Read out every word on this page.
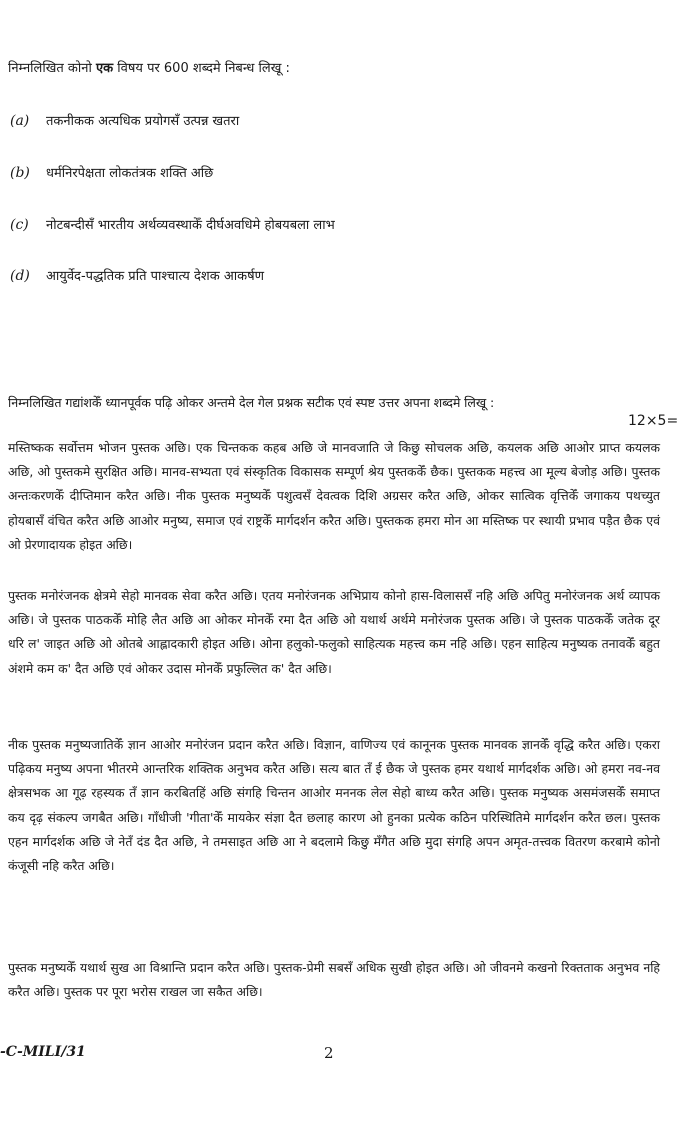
निम्नलिखित कोनो एक विषय पर 600 शब्दमे निबन्ध लिखू :
(a) तकनीकक अत्यधिक प्रयोगसँ उत्पन्न खतरा
(b) धर्मनिरपेक्षता लोकतंत्रक शक्ति अछि
(c) नोटबन्दीसँ भारतीय अर्थव्यवस्थाकेँ दीर्घअवधिमे होबयबला लाभ
(d) आयुर्वेद-पद्धतिक प्रति पाश्चात्य देशक आकर्षण
निम्नलिखित गद्यांशकेँ ध्यानपूर्वक पढ़ि ओकर अन्तमे देल गेल प्रश्नक सटीक एवं स्पष्ट उत्तर अपना शब्दमे लिखू :
12×5=

मस्तिष्कक सर्वोत्तम भोजन पुस्तक अछि। एक चिन्तकक कहब अछि जे मानवजाति जे किछु सोचलक अछि, कयलक अछि आओर प्राप्त कयलक अछि, ओ पुस्तकमे सुरक्षित अछि। मानव-सभ्यता एवं संस्कृतिक विकासक सम्पूर्ण श्रेय पुस्तककेँ छैक। पुस्तकक महत्त्व आ मूल्य बेजोड़ अछि। पुस्तक अन्तःकरणकेँ दीप्तिमान करैत अछि। नीक पुस्तक मनुष्यकेँ पशुत्वसँ देवत्वक दिशि अग्रसर करैत अछि, ओकर सात्विक वृत्तिकेँ जगाकय पथच्युत होयबासँ वंचित करैत अछि आओर मनुष्य, समाज एवं राष्ट्रकेँ मार्गदर्शन करैत अछि। पुस्तकक हमरा मोन आ मस्तिष्क पर स्थायी प्रभाव पड़ैत छैक एवं ओ प्रेरणादायक होइत अछि।

पुस्तक मनोरंजनक क्षेत्रमे सेहो मानवक सेवा करैत अछि। एतय मनोरंजनक अभिप्राय कोनो हास-विलाससँ नहि अछि अपितु मनोरंजनक अर्थ व्यापक अछि। जे पुस्तक पाठककेँ मोहि लैत अछि आ ओकर मोनकेँ रमा दैत अछि ओ यथार्थ अर्थमे मनोरंजक पुस्तक अछि। जे पुस्तक पाठककेँ जतेक दूर धरि ल' जाइत अछि ओ ओतबे आह्लादकारी होइत अछि। ओना हलुको-फलुको साहित्यक महत्त्व कम नहि अछि। एहन साहित्य मनुष्यक तनावकेँ बहुत अंशमे कम क' दैत अछि एवं ओकर उदास मोनकेँ प्रफुल्लित क' दैत अछि।

नीक पुस्तक मनुष्यजातिकेँ ज्ञान आओर मनोरंजन प्रदान करैत अछि। विज्ञान, वाणिज्य एवं कानूनक पुस्तक मानवक ज्ञानकेँ वृद्धि करैत अछि। एकरा पढ़िकय मनुष्य अपना भीतरमे आन्तरिक शक्तिक अनुभव करैत अछि। सत्य बात तँ ई छैक जे पुस्तक हमर यथार्थ मार्गदर्शक अछि। ओ हमरा नव-नव क्षेत्रसभक आ गूढ़ रहस्यक तँ ज्ञान करबितहिं अछि संगहि चिन्तन आओर मननक लेल सेहो बाध्य करैत अछि। पुस्तक मनुष्यक असमंजसकेँ समाप्त कय दृढ़ संकल्प जगबैत अछि। गाँधीजी 'गीता'केँ मायकेर संज्ञा दैत छलाह कारण ओ हुनका प्रत्येक कठिन परिस्थितिमे मार्गदर्शन करैत छल। पुस्तक एहन मार्गदर्शक अछि जे नेतँ दंड दैत अछि, ने तमसाइत अछि आ ने बदलामे किछु मँगैत अछि मुदा संगहि अपन अमृत-तत्त्वक वितरण करबामे कोनो कंजूसी नहि करैत अछि।

पुस्तक मनुष्यकेँ यथार्थ सुख आ विश्रान्ति प्रदान करैत अछि। पुस्तक-प्रेमी सबसँ अधिक सुखी होइत अछि। ओ जीवनमे कखनो रिक्तताक अनुभव नहि करैत अछि। पुस्तक पर पूरा भरोस राखल जा सकैत अछि।

-C-MILI/31	2
